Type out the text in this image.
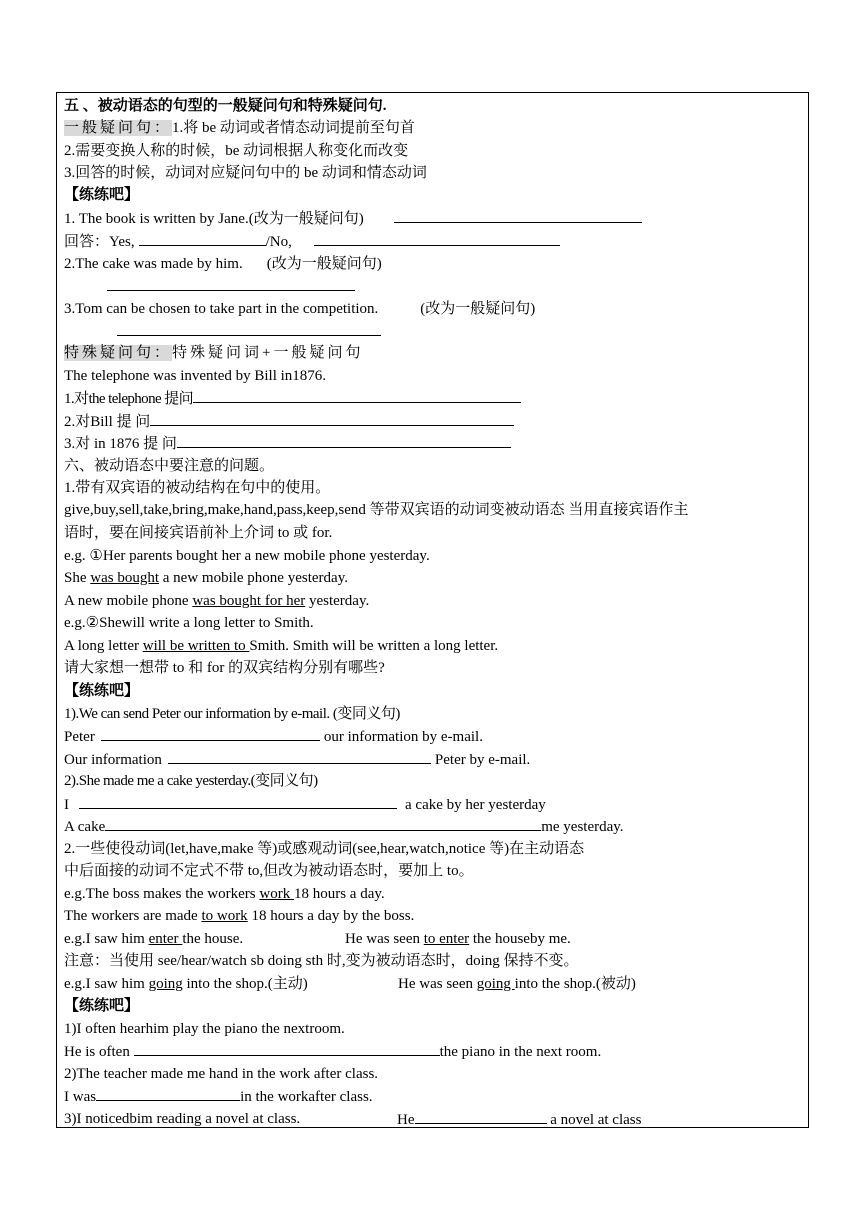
五 、被动语态的句型的一般疑问句和特殊疑问句.
一般疑问句：1.将 be 动词或者情态动词提前至句首
2.需要变换人称的时候，be 动词根据人称变化而改变
3.回答的时候，动词对应疑问句中的 be 动词和情态动词
【练练吧】
1. The book is written by Jane.(改为一般疑问句)
回答：Yes,	/No,
2.The cake was made by him. (改为一般疑问句)
3.Tom can be chosen to take part in the competition.	(改为一般疑问句)
特殊疑问句：特殊疑问词+一般疑问句
The telephone was invented by Bill in1876.
1.对the telephone 提问
2.对Bill 提 问
3.对 in 1876 提 问
六、被动语态中要注意的问题。
1.带有双宾语的被动结构在句中的使用。
give,buy,sell,take,bring,make,hand,pass,keep,send 等带双宾语的动词变被动语态 当用直接宾语作主
语时，要在间接宾语前补上介词 to 或 for.
e.g. ①Her parents bought her a new mobile phone yesterday.
She was bought a new mobile phone yesterday.
A new mobile phone was bought for her yesterday.
e.g.②Shewill write a long letter to Smith.
A long letter will be written to Smith. Smith will be written a long letter.
请大家想一想带 to 和 for 的双宾结构分别有哪些?
【练练吧】
1).We can send Peter our information by e-mail. (变同义句)
Peter	our information by e-mail.
Our information	Peter by e-mail.
2).She made me a cake yesterday.(变同义句)
I	a cake by her yesterday
A cake	me yesterday.
2.一些使役动词(let,have,make 等)或感观动词(see,hear,watch,notice 等)在主动语态
中后面接的动词不定式不带 to,但改为被动语态时，要加上 to。
e.g.The boss makes the workers work 18 hours a day.
The workers are made to work 18 hours a day by the boss.
e.g.I saw him enter the house.	He was seen to enter the houseby me.
注意：当使用 see/hear/watch sb doing sth 时,变为被动语态时，doing 保持不变。
e.g.I saw him going into the shop.(主动)	He was seen going into the shop.(被动)
【练练吧】
1)I often hearhim play the piano the nextroom.
He is often	the piano in the next room.
2)The teacher made me hand in the work after class.
I was	in the workafter class.
3)I noticedbim reading a novel at class.	He	a novel at class
